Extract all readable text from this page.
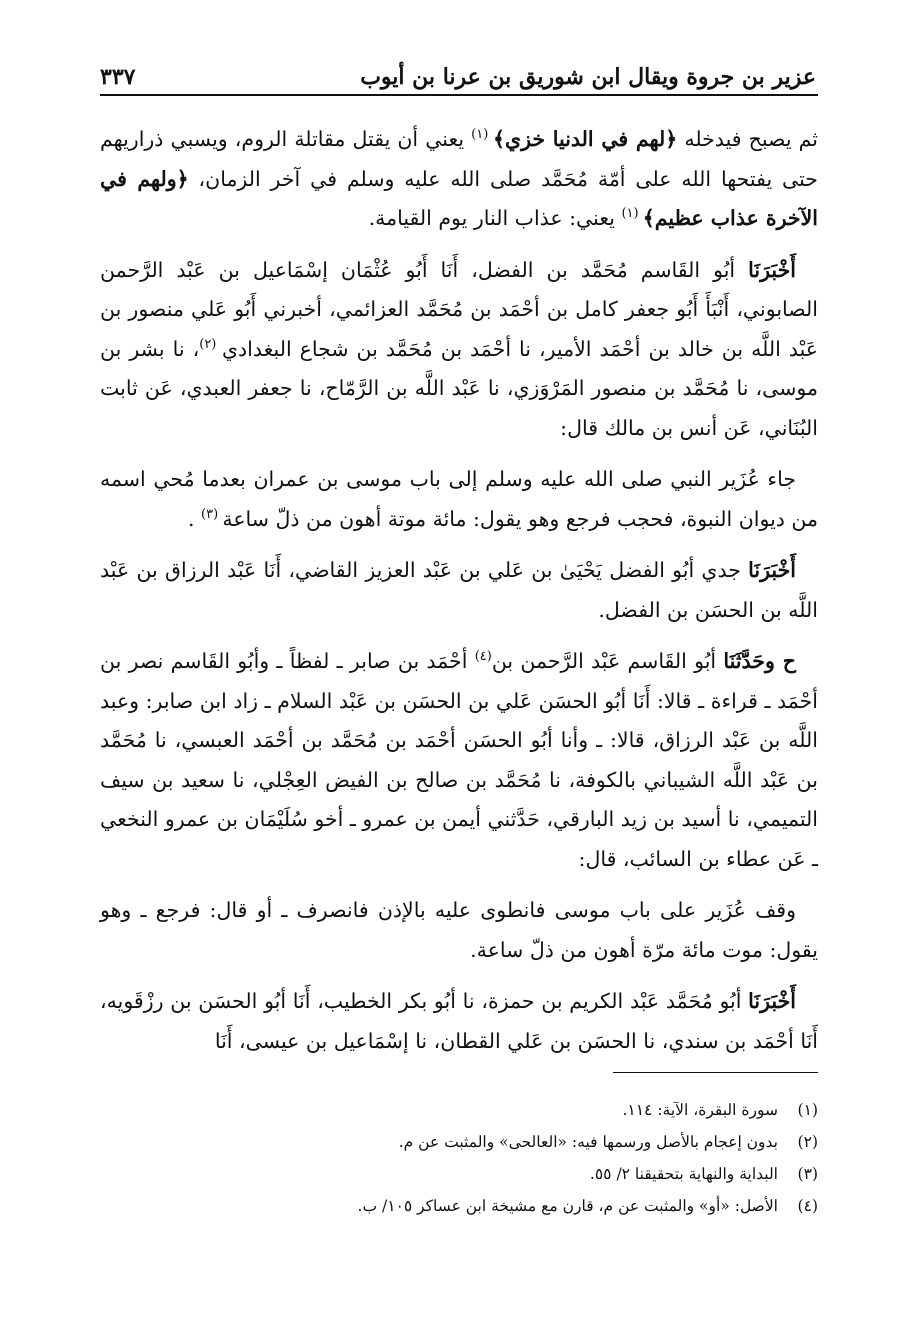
عزير بن جروة ويقال ابن شوريق بن عرنا بن أيوب
٣٣٧

ثم يصبح فيدخله ﴿لهم في الدنيا خزي﴾ $^{(١)}$ يعني أن يقتل مقاتلة الروم، ويسبي ذراريهم حتى يفتحها الله على أمّة مُحَمَّد صلى الله عليه وسلم في آخر الزمان، ﴿ولهم في الآخرة عذاب عظيم﴾ $^{(١)}$ يعني: عذاب النار يوم القيامة.

أَخْبَرَنَا أبُو القَاسم مُحَمَّد بن الفضل، أَنَا أَبُو عُثْمَان إسْمَاعيل بن عَبْد الرَّحمن الصابوني، أَنْبَأَ أَبُو جعفر كامل بن أحْمَد بن مُحَمَّد العزائمي، أخبرني أَبُو عَلي منصور بن عَبْد اللَّه بن خالد بن أحْمَد الأمير، نا أحْمَد بن مُحَمَّد بن شجاع البغدادي $^{(٢)}$، نا بشر بن موسى، نا مُحَمَّد بن منصور المَرْوَزي، نا عَبْد اللَّه بن الرَّمّاح، نا جعفر العبدي، عَن ثابت البُنَاني، عَن أنس بن مالك قال:

جاء عُزَير النبي صلى الله عليه وسلم إلى باب موسى بن عمران بعدما مُحي اسمه من ديوان النبوة، فحجب فرجع وهو يقول: مائة موتة أهون من ذلّ ساعة $^{(٣)}$ .

أَخْبَرَنَا جدي أبُو الفضل يَحْيَىٰ بن عَلي بن عَبْد العزيز القاضي، أَنَا عَبْد الرزاق بن عَبْد اللَّه بن الحسَن بن الفضل.

ح وحَدَّثَنَا أبُو القَاسم عَبْد الرَّحمن بن$^{(٤)}$ أحْمَد بن صابر ـ لفظاً ـ وأبُو القَاسم نصر بن أحْمَد ـ قراءة ـ قالا: أَنَا أبُو الحسَن عَلي بن الحسَن بن عَبْد السلام ـ زاد ابن صابر: وعبد اللَّه بن عَبْد الرزاق، قالا: ـ وأنا أبُو الحسَن أحْمَد بن مُحَمَّد بن أحْمَد العبسي، نا مُحَمَّد بن عَبْد اللَّه الشيباني بالكوفة، نا مُحَمَّد بن صالح بن الفيض العِجْلي، نا سعيد بن سيف التميمي، نا أسيد بن زيد البارقي، حَدَّثني أيمن بن عمرو ـ أخو سُلَيْمَان بن عمرو النخعي ـ عَن عطاء بن السائب، قال:

وقف عُزَير على باب موسى فانطوى عليه بالإذن فانصرف ـ أو قال: فرجع ـ وهو يقول: موت مائة مرّة أهون من ذلّ ساعة.

أَخْبَرَنَا أبُو مُحَمَّد عَبْد الكريم بن حمزة، نا أبُو بكر الخطيب، أَنَا أبُو الحسَن بن رزْقَويه، أَنَا أحْمَد بن سندي، نا الحسَن بن عَلي القطان، نا إسْمَاعيل بن عيسى، أَنَا

(١)
سورة البقرة، الآية: ١١٤.
(٢)
بدون إعجام بالأصل ورسمها فيه: «العالحى» والمثبت عن م.
(٣)
البداية والنهاية بتحقيقنا ٢/ ٥٥.
(٤)
الأصل: «أو» والمثبت عن م، قارن مع مشيخة ابن عساكر ١٠٥/ ب.
